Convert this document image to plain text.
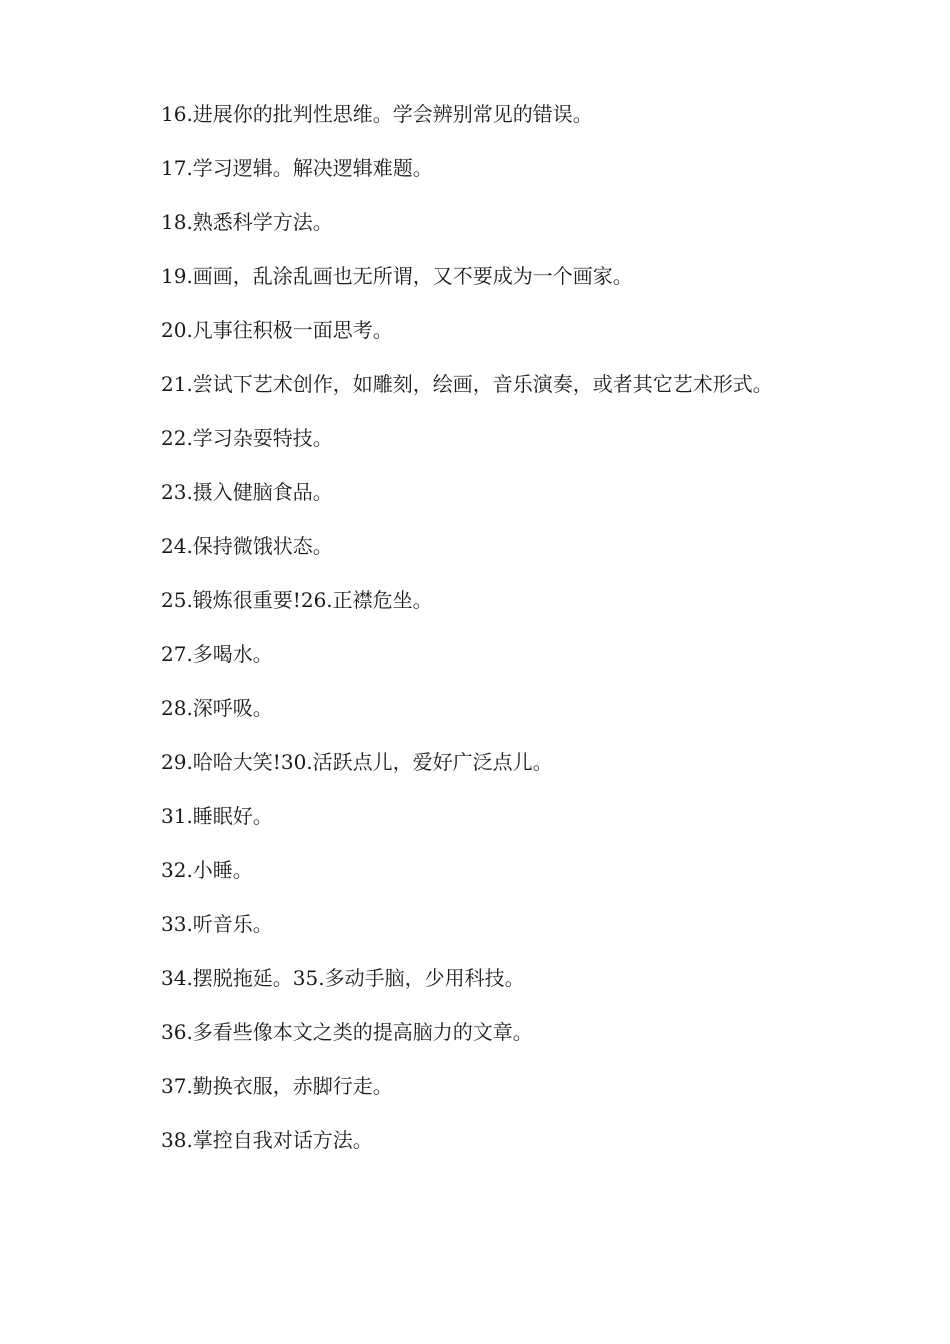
16.进展你的批判性思维。学会辨别常见的错误。

17.学习逻辑。解决逻辑难题。

18.熟悉科学方法。

19.画画，乱涂乱画也无所谓，又不要成为一个画家。

20.凡事往积极一面思考。

21.尝试下艺术创作，如雕刻，绘画，音乐演奏，或者其它艺术形式。

22.学习杂耍特技。

23.摄入健脑食品。

24.保持微饿状态。

25.锻炼很重要!26.正襟危坐。

27.多喝水。

28.深呼吸。

29.哈哈大笑!30.活跃点儿，爱好广泛点儿。

31.睡眠好。

32.小睡。

33.听音乐。

34.摆脱拖延。35.多动手脑，少用科技。

36.多看些像本文之类的提高脑力的文章。

37.勤换衣服，赤脚行走。

38.掌控自我对话方法。
